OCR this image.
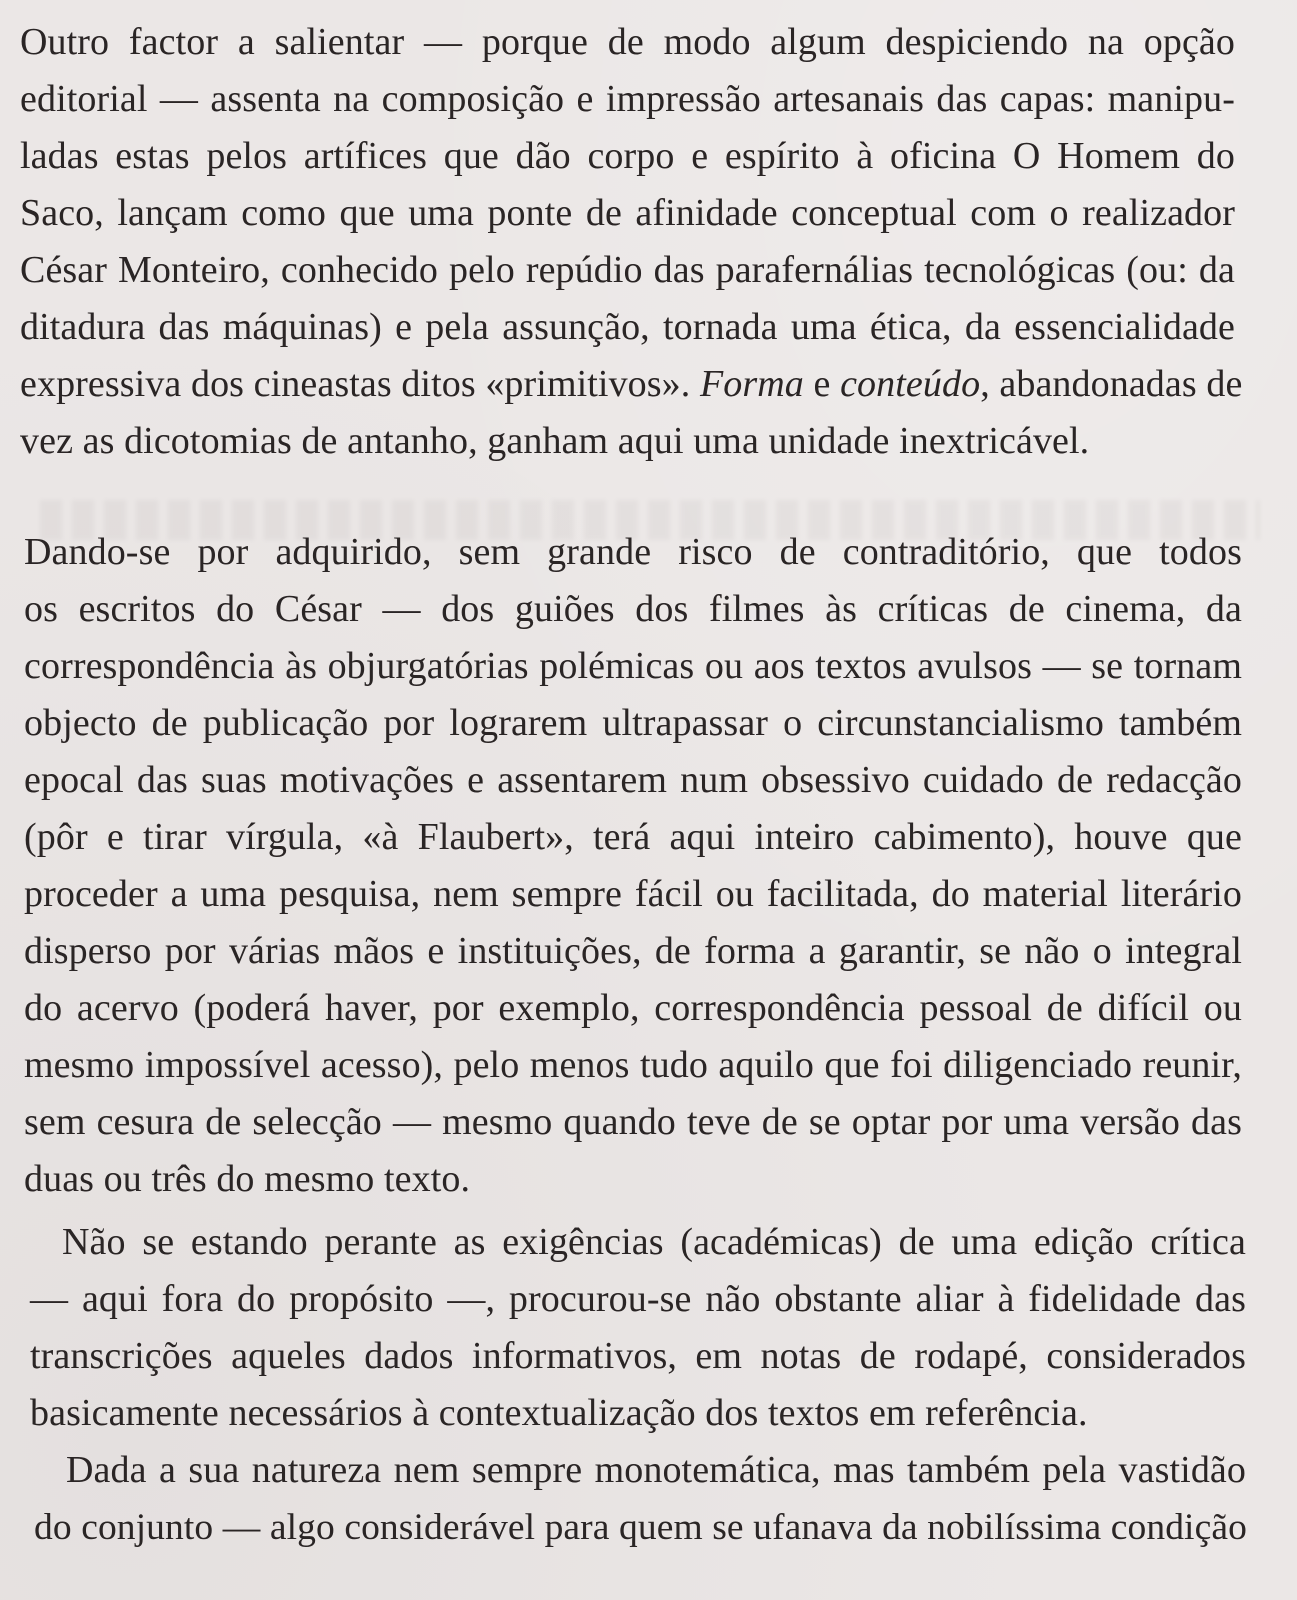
Outro factor a salientar — porque de modo algum despiciendo na opção
editorial — assenta na composição e impressão artesanais das capas: manipu-
ladas estas pelos artífices que dão corpo e espírito à oficina O Homem do
Saco, lançam como que uma ponte de afinidade conceptual com o realizador
César Monteiro, conhecido pelo repúdio das parafernálias tecnológicas (ou: da
ditadura das máquinas) e pela assunção, tornada uma ética, da essencialidade
expressiva dos cineastas ditos «primitivos». Forma e conteúdo, abandonadas de
vez as dicotomias de antanho, ganham aqui uma unidade inextricável.
Dando-se por adquirido, sem grande risco de contraditório, que todos
os escritos do César — dos guiões dos filmes às críticas de cinema, da
correspondência às objurgatórias polémicas ou aos textos avulsos — se tornam
objecto de publicação por lograrem ultrapassar o circunstancialismo também
epocal das suas motivações e assentarem num obsessivo cuidado de redacção
(pôr e tirar vírgula, «à Flaubert», terá aqui inteiro cabimento), houve que
proceder a uma pesquisa, nem sempre fácil ou facilitada, do material literário
disperso por várias mãos e instituições, de forma a garantir, se não o integral
do acervo (poderá haver, por exemplo, correspondência pessoal de difícil ou
mesmo impossível acesso), pelo menos tudo aquilo que foi diligenciado reunir,
sem cesura de selecção — mesmo quando teve de se optar por uma versão das
duas ou três do mesmo texto.
Não se estando perante as exigências (académicas) de uma edição crítica
— aqui fora do propósito —, procurou-se não obstante aliar à fidelidade das
transcrições aqueles dados informativos, em notas de rodapé, considerados
basicamente necessários à contextualização dos textos em referência.
Dada a sua natureza nem sempre monotemática, mas também pela vastidão
do conjunto — algo considerável para quem se ufanava da nobilíssima condição
